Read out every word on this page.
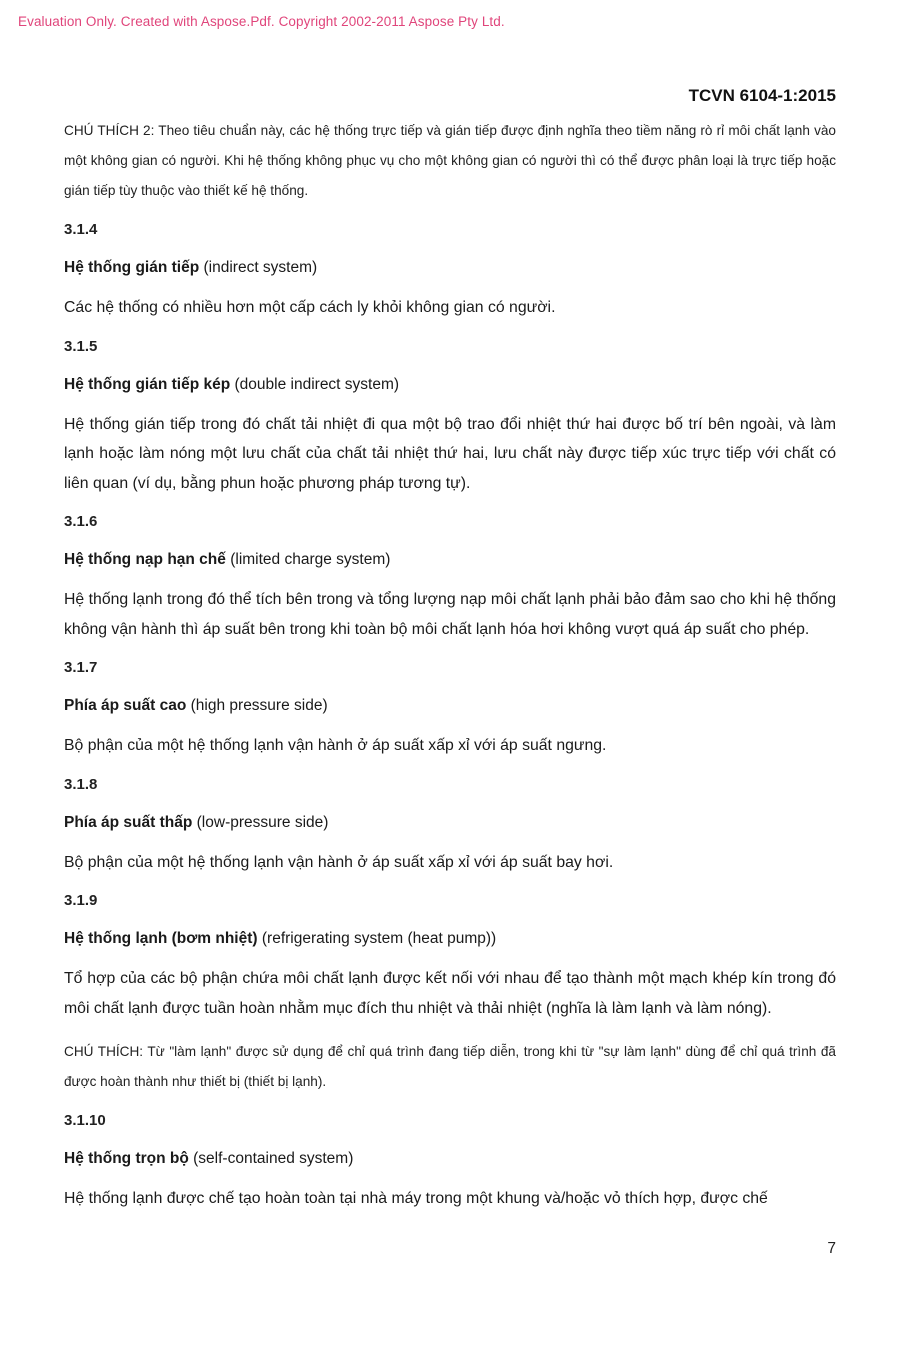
Evaluation Only. Created with Aspose.Pdf. Copyright 2002-2011 Aspose Pty Ltd.
TCVN 6104-1:2015

CHÚ THÍCH 2: Theo tiêu chuẩn này, các hệ thống trực tiếp và gián tiếp được định nghĩa theo tiềm năng rò rỉ môi chất lạnh vào một không gian có người. Khi hệ thống không phục vụ cho một không gian có người thì có thể được phân loại là trực tiếp hoặc gián tiếp tùy thuộc vào thiết kế hệ thống.

3.1.4

Hệ thống gián tiếp (indirect system)

Các hệ thống có nhiều hơn một cấp cách ly khỏi không gian có người.

3.1.5

Hệ thống gián tiếp kép (double indirect system)

Hệ thống gián tiếp trong đó chất tải nhiệt đi qua một bộ trao đổi nhiệt thứ hai được bố trí bên ngoài, và làm lạnh hoặc làm nóng một lưu chất của chất tải nhiệt thứ hai, lưu chất này được tiếp xúc trực tiếp với chất có liên quan (ví dụ, bằng phun hoặc phương pháp tương tự).

3.1.6

Hệ thống nạp hạn chế (limited charge system)

Hệ thống lạnh trong đó thể tích bên trong và tổng lượng nạp môi chất lạnh phải bảo đảm sao cho khi hệ thống không vận hành thì áp suất bên trong khi toàn bộ môi chất lạnh hóa hơi không vượt quá áp suất cho phép.

3.1.7

Phía áp suất cao (high pressure side)

Bộ phận của một hệ thống lạnh vận hành ở áp suất xấp xỉ với áp suất ngưng.

3.1.8

Phía áp suất thấp (low-pressure side)

Bộ phận của một hệ thống lạnh vận hành ở áp suất xấp xỉ với áp suất bay hơi.

3.1.9

Hệ thống lạnh (bơm nhiệt) (refrigerating system (heat pump))

Tổ hợp của các bộ phận chứa môi chất lạnh được kết nối với nhau để tạo thành một mạch khép kín trong đó môi chất lạnh được tuần hoàn nhằm mục đích thu nhiệt và thải nhiệt (nghĩa là làm lạnh và làm nóng).

CHÚ THÍCH: Từ "làm lạnh" được sử dụng để chỉ quá trình đang tiếp diễn, trong khi từ "sự làm lạnh" dùng để chỉ quá trình đã được hoàn thành như thiết bị (thiết bị lạnh).

3.1.10

Hệ thống trọn bộ (self-contained system)

Hệ thống lạnh được chế tạo hoàn toàn tại nhà máy trong một khung và/hoặc vỏ thích hợp, được chế

7
